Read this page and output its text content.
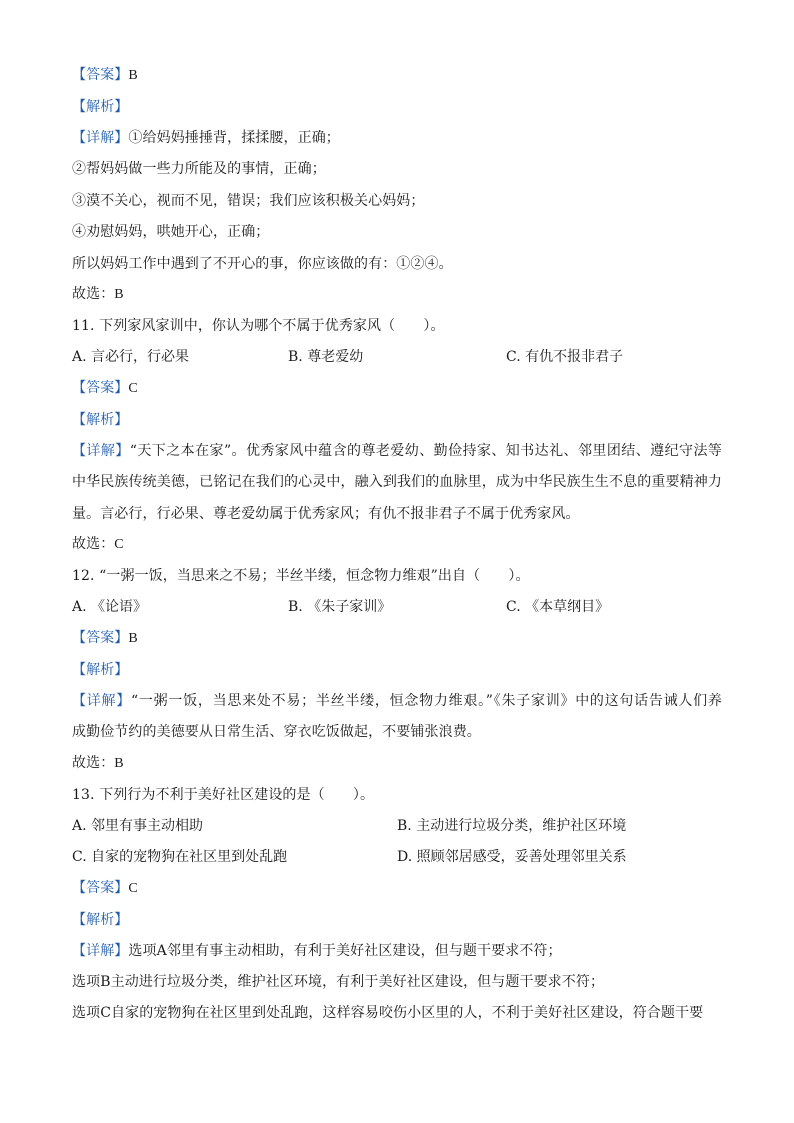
【答案】B
【解析】
【详解】①给妈妈捶捶背，揉揉腰，正确；
②帮妈妈做一些力所能及的事情，正确；
③漠不关心，视而不见，错误；我们应该积极关心妈妈；
④劝慰妈妈，哄她开心，正确；
所以妈妈工作中遇到了不开心的事，你应该做的有：①②④。
故选：B
11. 下列家风家训中，你认为哪个不属于优秀家风（　　）。
A. 言必行，行必果	B. 尊老爱幼	C. 有仇不报非君子
【答案】C
【解析】
【详解】“天下之本在家”。优秀家风中蕴含的尊老爱幼、勤俭持家、知书达礼、邻里团结、遵纪守法等
中华民族传统美德，已铭记在我们的心灵中，融入到我们的血脉里，成为中华民族生生不息的重要精神力
量。言必行，行必果、尊老爱幼属于优秀家风；有仇不报非君子不属于优秀家风。
故选：C
12. “一粥一饭，当思来之不易；半丝半缕，恒念物力维艰”出自（　　）。
A. 《论语》	B. 《朱子家训》	C. 《本草纲目》
【答案】B
【解析】
【详解】“一粥一饭，当思来处不易；半丝半缕，恒念物力维艰。”《朱子家训》中的这句话告诫人们养
成勤俭节约的美德要从日常生活、穿衣吃饭做起，不要铺张浪费。
故选：B
13. 下列行为不利于美好社区建设的是（　　）。
A. 邻里有事主动相助	B. 主动进行垃圾分类，维护社区环境
C. 自家的宠物狗在社区里到处乱跑	D. 照顾邻居感受，妥善处理邻里关系
【答案】C
【解析】
【详解】选项A邻里有事主动相助，有利于美好社区建设，但与题干要求不符；
选项B主动进行垃圾分类，维护社区环境，有利于美好社区建设，但与题干要求不符；
选项C自家的宠物狗在社区里到处乱跑，这样容易咬伤小区里的人，不利于美好社区建设，符合题干要
